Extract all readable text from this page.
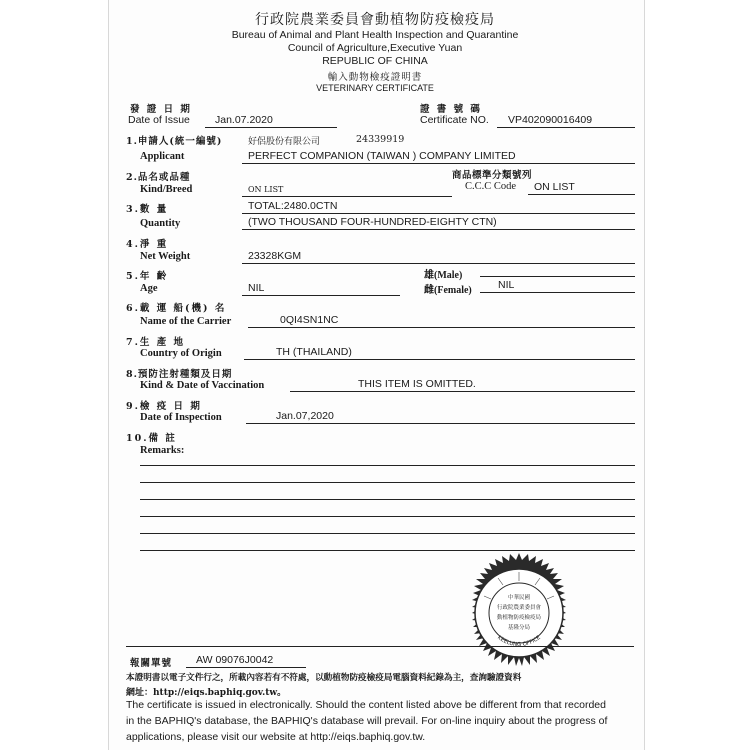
行政院農業委員會動植物防疫檢疫局
Bureau of Animal and Plant Health Inspection and Quarantine
Council of Agriculture,Executive Yuan
REPUBLIC OF CHINA
輸入動物檢疫證明書
VETERINARY CERTIFICATE
發 證 日 期
Date of Issue Jan.07.2020
證 書 號 碼
Certificate NO. VP402090016409
1.申請人(統一編號)	好侶股份有限公司	24339919
Applicant	PERFECT COMPANION (TAIWAN ) COMPANY LIMITED
2.品名或品種	商品標準分類號列
Kind/Breed	ON LIST	C.C.C Code ON LIST
3.數 量	TOTAL:2480.0CTN
Quantity	(TWO THOUSAND FOUR-HUNDRED-EIGHTY CTN)
4.淨 重
Net Weight	23328KGM
5.年 齡	雄(Male)
Age	NIL	雌(Female) NIL
6.載 運 船(機) 名
Name of the Carrier	0QI4SN1NC
7.生 產 地
Country of Origin	TH (THAILAND)
8.預防注射種類及日期
Kind & Date of Vaccination	THIS ITEM IS OMITTED.
9.檢 疫 日 期
Date of Inspection	Jan.07,2020
10.備 註
Remarks:
KEELUNG OFFICE
中華民國
行政院農業委員會
動植物防疫檢疫局
基隆分局
報關單號 AW 09076J0042
本證明書以電子文件行之，所載內容若有不符處，以動植物防疫檢疫局電腦資料紀錄為主，查詢驗證資料
網址：http://eiqs.baphiq.gov.tw。
The certificate is issued in electronically. Should the content listed above be different from that recorded
in the BAPHIQ's database, the BAPHIQ's database will prevail. For on-line inquiry about the progress of
applications, please visit our website at http://eiqs.baphiq.gov.tw.
